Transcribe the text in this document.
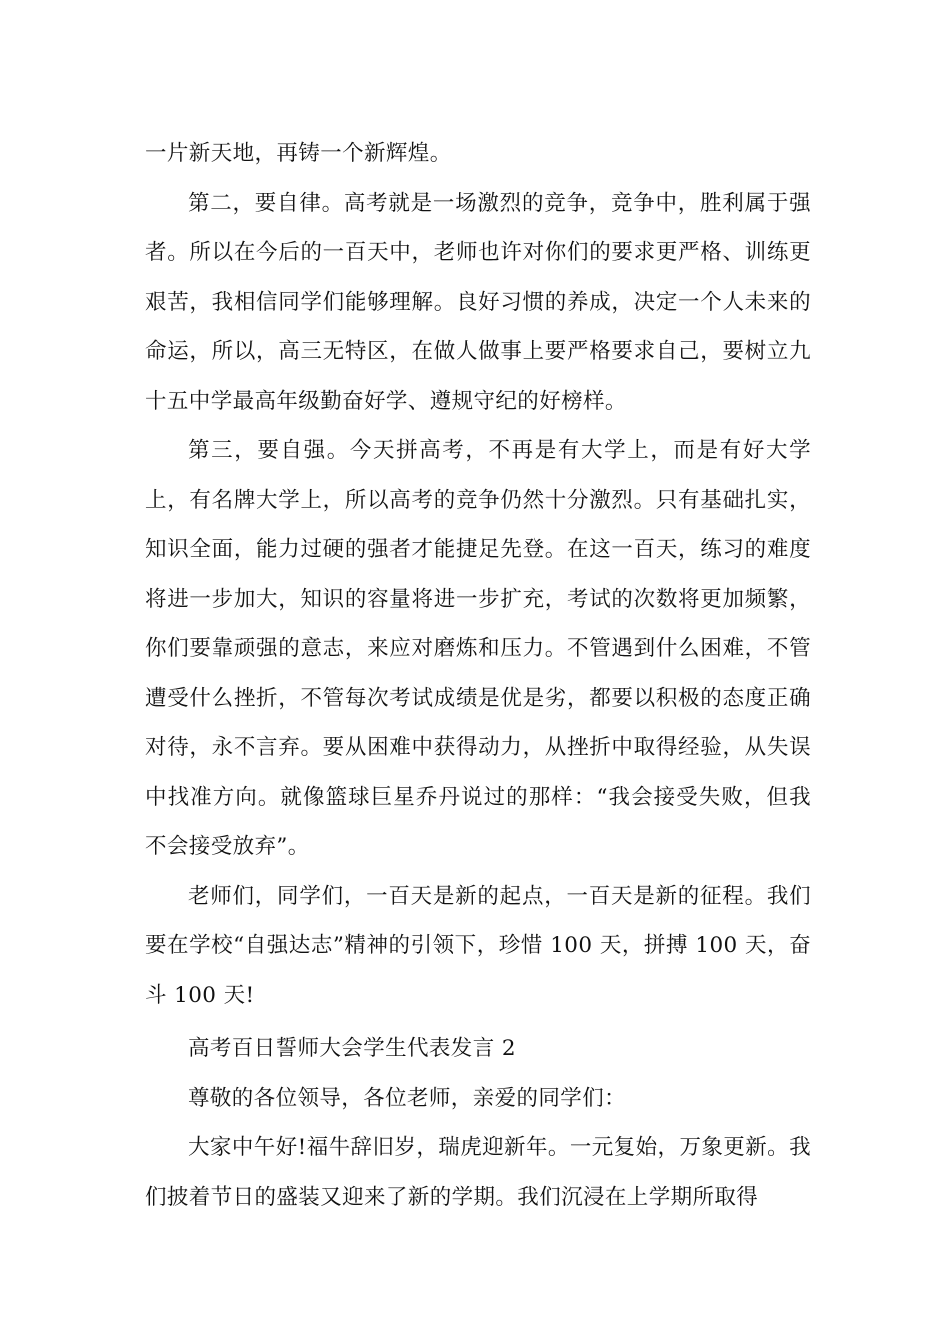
一片新天地，再铸一个新辉煌。

第二，要自律。高考就是一场激烈的竞争，竞争中，胜利属于强者。所以在今后的一百天中，老师也许对你们的要求更严格、训练更艰苦，我相信同学们能够理解。良好习惯的养成，决定一个人未来的命运，所以，高三无特区，在做人做事上要严格要求自己，要树立九十五中学最高年级勤奋好学、遵规守纪的好榜样。

第三，要自强。今天拼高考，不再是有大学上，而是有好大学上，有名牌大学上，所以高考的竞争仍然十分激烈。只有基础扎实，知识全面，能力过硬的强者才能捷足先登。在这一百天，练习的难度将进一步加大，知识的容量将进一步扩充，考试的次数将更加频繁，你们要靠顽强的意志，来应对磨炼和压力。不管遇到什么困难，不管遭受什么挫折，不管每次考试成绩是优是劣，都要以积极的态度正确对待，永不言弃。要从困难中获得动力，从挫折中取得经验，从失误中找准方向。就像篮球巨星乔丹说过的那样：“我会接受失败，但我不会接受放弃”。

老师们，同学们，一百天是新的起点，一百天是新的征程。我们要在学校“自强达志”精神的引领下，珍惜 100 天，拼搏 100 天，奋斗 100 天!

高考百日誓师大会学生代表发言 2

尊敬的各位领导，各位老师，亲爱的同学们：

大家中午好!福牛辞旧岁，瑞虎迎新年。一元复始，万象更新。我们披着节日的盛装又迎来了新的学期。我们沉浸在上学期所取得
